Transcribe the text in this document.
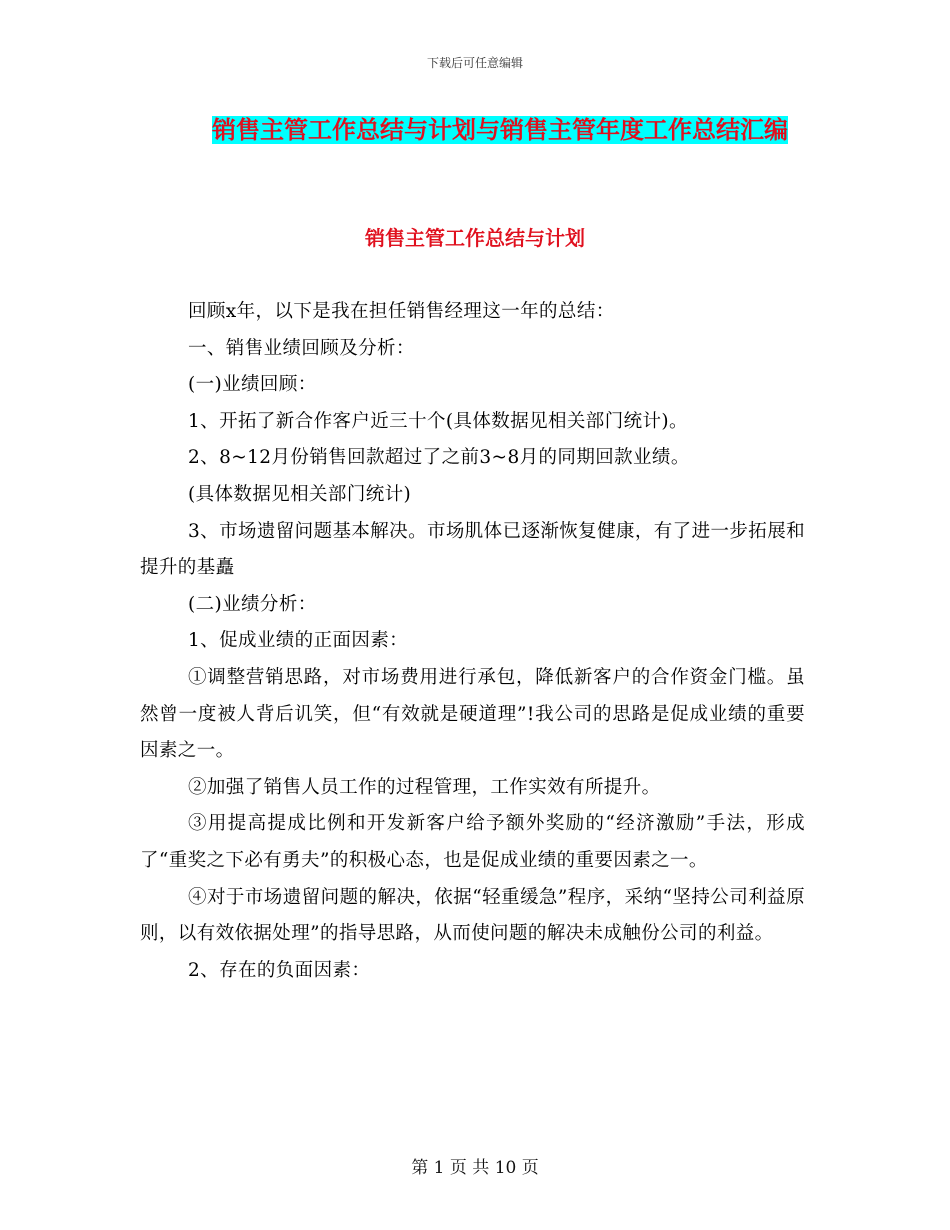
下载后可任意编辑
销售主管工作总结与计划与销售主管年度工作总结汇编
销售主管工作总结与计划

回顾x年，以下是我在担任销售经理这一年的总结：

一、销售业绩回顾及分析：

(一)业绩回顾：

1、开拓了新合作客户近三十个(具体数据见相关部门统计)。

2、8~12月份销售回款超过了之前3~8月的同期回款业绩。

(具体数据见相关部门统计)

3、市场遗留问题基本解决。市场肌体已逐渐恢复健康，有了进一步拓展和提升的基矗

(二)业绩分析：

1、促成业绩的正面因素：

①调整营销思路，对市场费用进行承包，降低新客户的合作资金门槛。虽然曾一度被人背后讥笑，但“有效就是硬道理”!我公司的思路是促成业绩的重要因素之一。

②加强了销售人员工作的过程管理，工作实效有所提升。

③用提高提成比例和开发新客户给予额外奖励的“经济激励”手法，形成了“重奖之下必有勇夫”的积极心态，也是促成业绩的重要因素之一。

④对于市场遗留问题的解决，依据“轻重缓急”程序，采纳“坚持公司利益原则，以有效依据处理”的指导思路，从而使问题的解决未成触份公司的利益。

2、存在的负面因素：

第 1 页 共 10 页
